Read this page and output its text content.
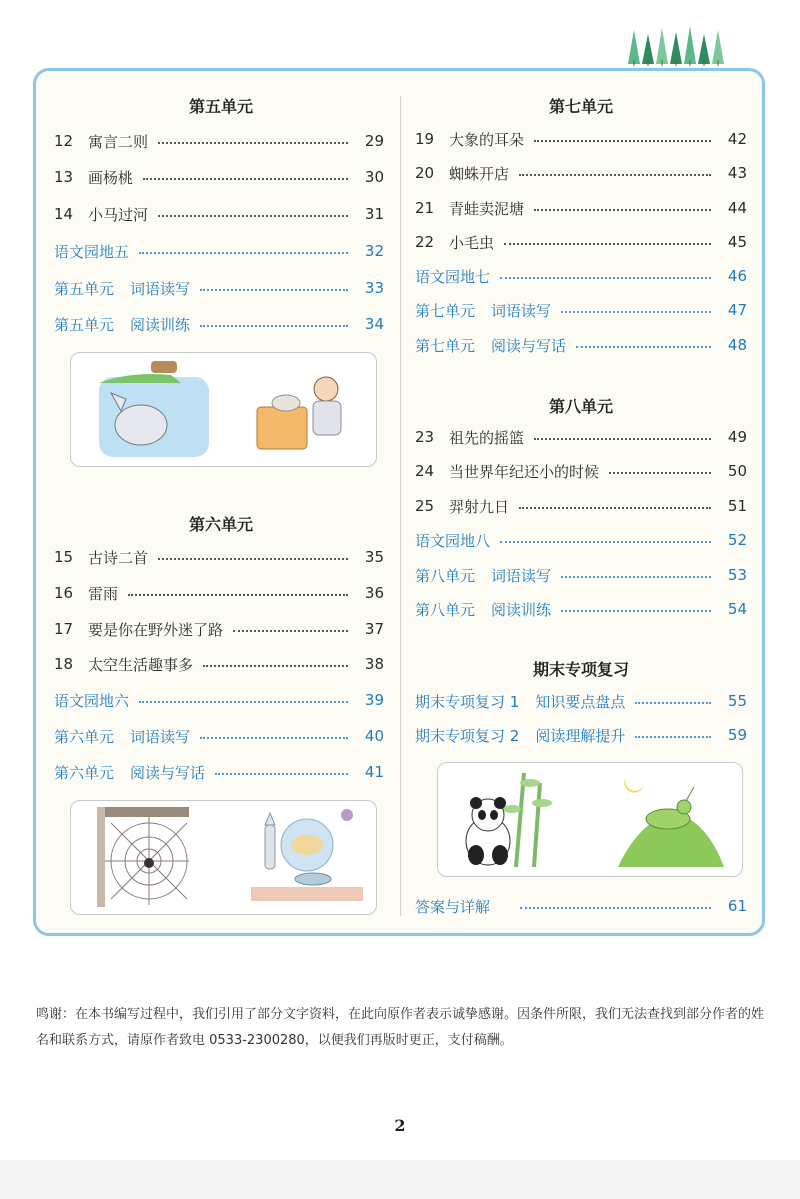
第五单元
12 寓言二则	29
13 画杨桃	30
14 小马过河	31
语文园地五	32
第五单元 词语读写	33
第五单元 阅读训练	34
第六单元
15 古诗二首	35
16 雷雨	36
17 要是你在野外迷了路	37
18 太空生活趣事多	38
语文园地六	39
第六单元 词语读写	40
第六单元 阅读与写话	41
第七单元
19 大象的耳朵	42
20 蜘蛛开店	43
21 青蛙卖泥塘	44
22 小毛虫	45
语文园地七	46
第七单元 词语读写	47
第七单元 阅读与写话	48
第八单元
23 祖先的摇篮	49
24 当世界年纪还小的时候	50
25 羿射九日	51
语文园地八	52
第八单元 词语读写	53
第八单元 阅读训练	54
期末专项复习
期末专项复习 1 知识要点盘点	55
期末专项复习 2 阅读理解提升	59
答案与详解	61
鸣谢：在本书编写过程中，我们引用了部分文字资料，在此向原作者表示诚挚感谢。因条件所限，我们无法查找到部分作者的姓名和联系方式，请原作者致电 0533-2300280，以便我们再版时更正，支付稿酬。
2
